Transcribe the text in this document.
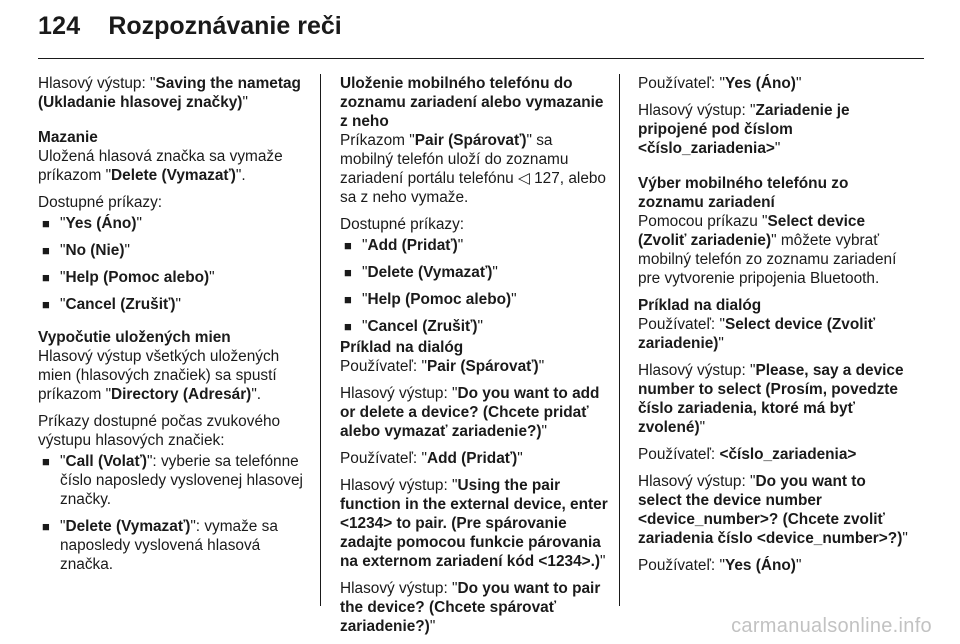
124 Rozpoznávanie reči

Hlasový výstup: "Saving the nametag (Ukladanie hlasovej značky)"

Mazanie

Uložená hlasová značka sa vymaže príkazom "Delete (Vymazať)".

Dostupné príkazy:

■ "Yes (Áno)"
■ "No (Nie)"
■ "Help (Pomoc alebo)"
■ "Cancel (Zrušiť)"
Vypočutie uložených mien

Hlasový výstup všetkých uložených mien (hlasových značiek) sa spustí príkazom "Directory (Adresár)".

Príkazy dostupné počas zvukového výstupu hlasových značiek:

■ "Call (Volať)": vyberie sa telefónne číslo naposledy vyslovenej hlasovej značky.
■ "Delete (Vymazať)": vymaže sa naposledy vyslovená hlasová značka.
Uloženie mobilného telefónu do zoznamu zariadení alebo vymazanie z neho

Príkazom "Pair (Spárovať)" sa mobilný telefón uloží do zoznamu zariadení portálu telefónu ◁ 127, alebo sa z neho vymaže.

Dostupné príkazy:

■ "Add (Pridať)"
■ "Delete (Vymazať)"
■ "Help (Pomoc alebo)"
■ "Cancel (Zrušiť)"
Príklad na dialóg

Používateľ: "Pair (Spárovať)"

Hlasový výstup: "Do you want to add or delete a device? (Chcete pridať alebo vymazať zariadenie?)"

Používateľ: "Add (Pridať)"

Hlasový výstup: "Using the pair function in the external device, enter <1234> to pair. (Pre spárovanie zadajte pomocou funkcie párovania na externom zariadení kód <1234>.)"

Hlasový výstup: "Do you want to pair the device? (Chcete spárovať zariadenie?)"

Používateľ: "Yes (Áno)"

Hlasový výstup: "Zariadenie je pripojené pod číslom <číslo_zariadenia>"

Výber mobilného telefónu zo zoznamu zariadení

Pomocou príkazu "Select device (Zvoliť zariadenie)" môžete vybrať mobilný telefón zo zoznamu zariadení pre vytvorenie pripojenia Bluetooth.

Príklad na dialóg

Používateľ: "Select device (Zvoliť zariadenie)"

Hlasový výstup: "Please, say a device number to select (Prosím, povedzte číslo zariadenia, ktoré má byť zvolené)"

Používateľ: <číslo_zariadenia>

Hlasový výstup: "Do you want to select the device number <device_number>? (Chcete zvoliť zariadenia číslo <device_number>?)"

Používateľ: "Yes (Áno)"

carmanualsonline.info
